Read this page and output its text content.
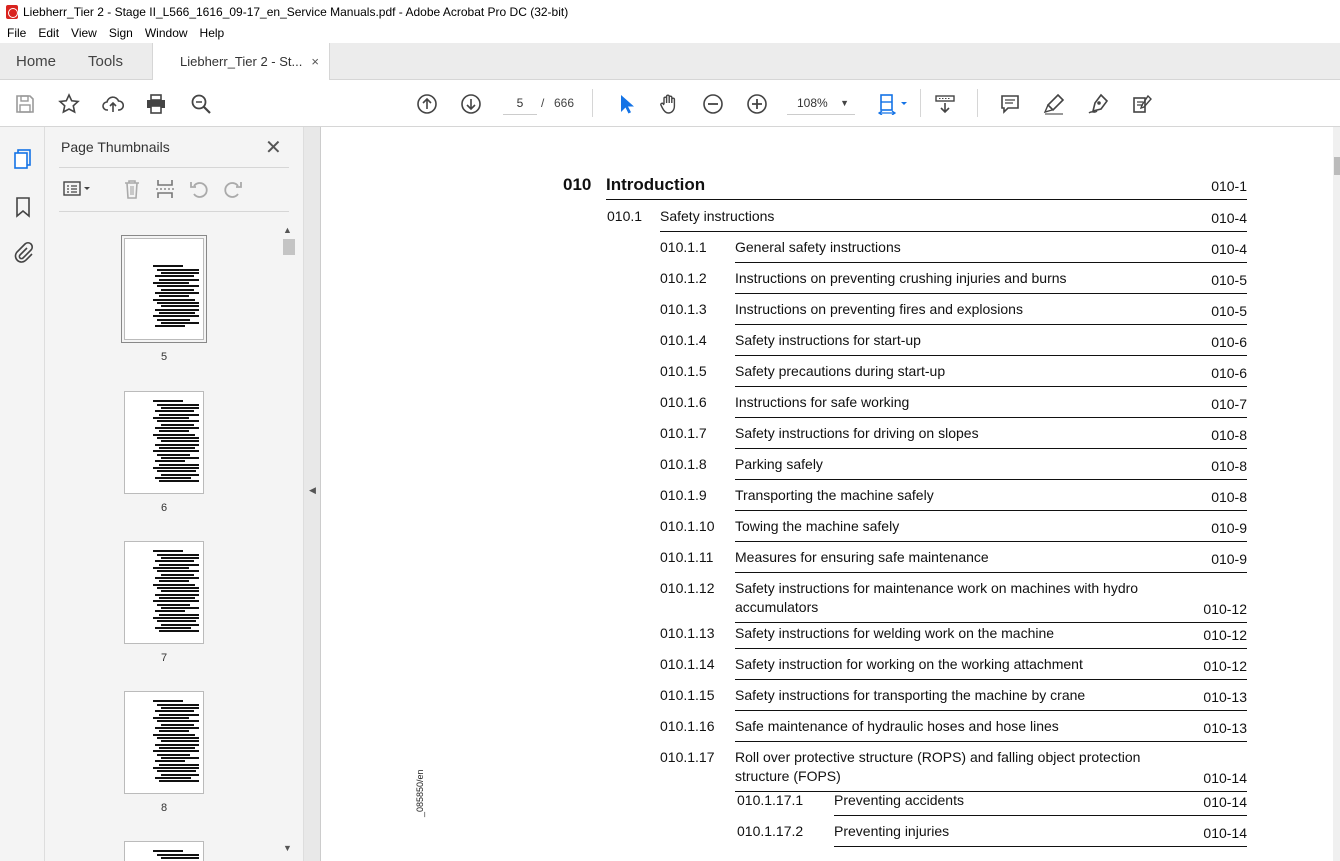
Liebherr_Tier 2 - Stage II_L566_1616_09-17_en_Service Manuals.pdf - Adobe Acrobat Pro DC (32-bit)
File	Edit	View	Sign	Window	Help
Home Tools	Liebherr_Tier 2 - St... ×
5	/ 666	108% ▼
Page Thumbnails	✕
5
6
7
8
▲
▼
◀
_085850/en
010 Introduction	010-1
010.1 Safety instructions	010-4
010.1.1 General safety instructions	010-4
010.1.2 Instructions on preventing crushing injuries and burns	010-5
010.1.3 Instructions on preventing fires and explosions	010-5
010.1.4 Safety instructions for start-up	010-6
010.1.5 Safety precautions during start-up	010-6
010.1.6 Instructions for safe working	010-7
010.1.7 Safety instructions for driving on slopes	010-8
010.1.8 Parking safely	010-8
010.1.9 Transporting the machine safely	010-8
010.1.10 Towing the machine safely	010-9
010.1.11 Measures for ensuring safe maintenance	010-9
010.1.12 Safety instructions for maintenance work on machines with hydro
accumulators	010-12
010.1.13 Safety instructions for welding work on the machine	010-12
010.1.14 Safety instruction for working on the working attachment	010-12
010.1.15 Safety instructions for transporting the machine by crane	010-13
010.1.16 Safe maintenance of hydraulic hoses and hose lines	010-13
010.1.17 Roll over protective structure (ROPS) and falling object protection
structure (FOPS)	010-14
010.1.17.1 Preventing accidents	010-14
010.1.17.2 Preventing injuries	010-14
